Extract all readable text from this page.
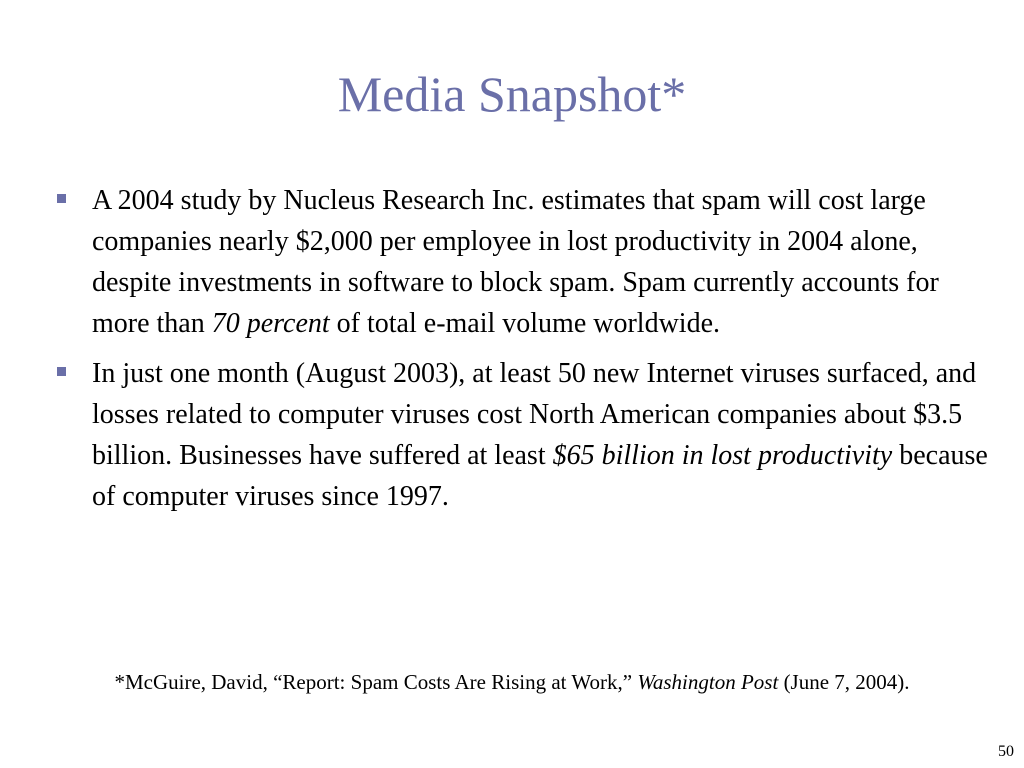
Media Snapshot*
A 2004 study by Nucleus Research Inc. estimates that spam will cost large companies nearly $2,000 per employee in lost productivity in 2004 alone, despite investments in software to block spam. Spam currently accounts for more than 70 percent of total e-mail volume worldwide.
In just one month (August 2003), at least 50 new Internet viruses surfaced, and losses related to computer viruses cost North American companies about $3.5 billion. Businesses have suffered at least $65 billion in lost productivity because of computer viruses since 1997.
*McGuire, David, “Report: Spam Costs Are Rising at Work,” Washington Post (June 7, 2004).
50
